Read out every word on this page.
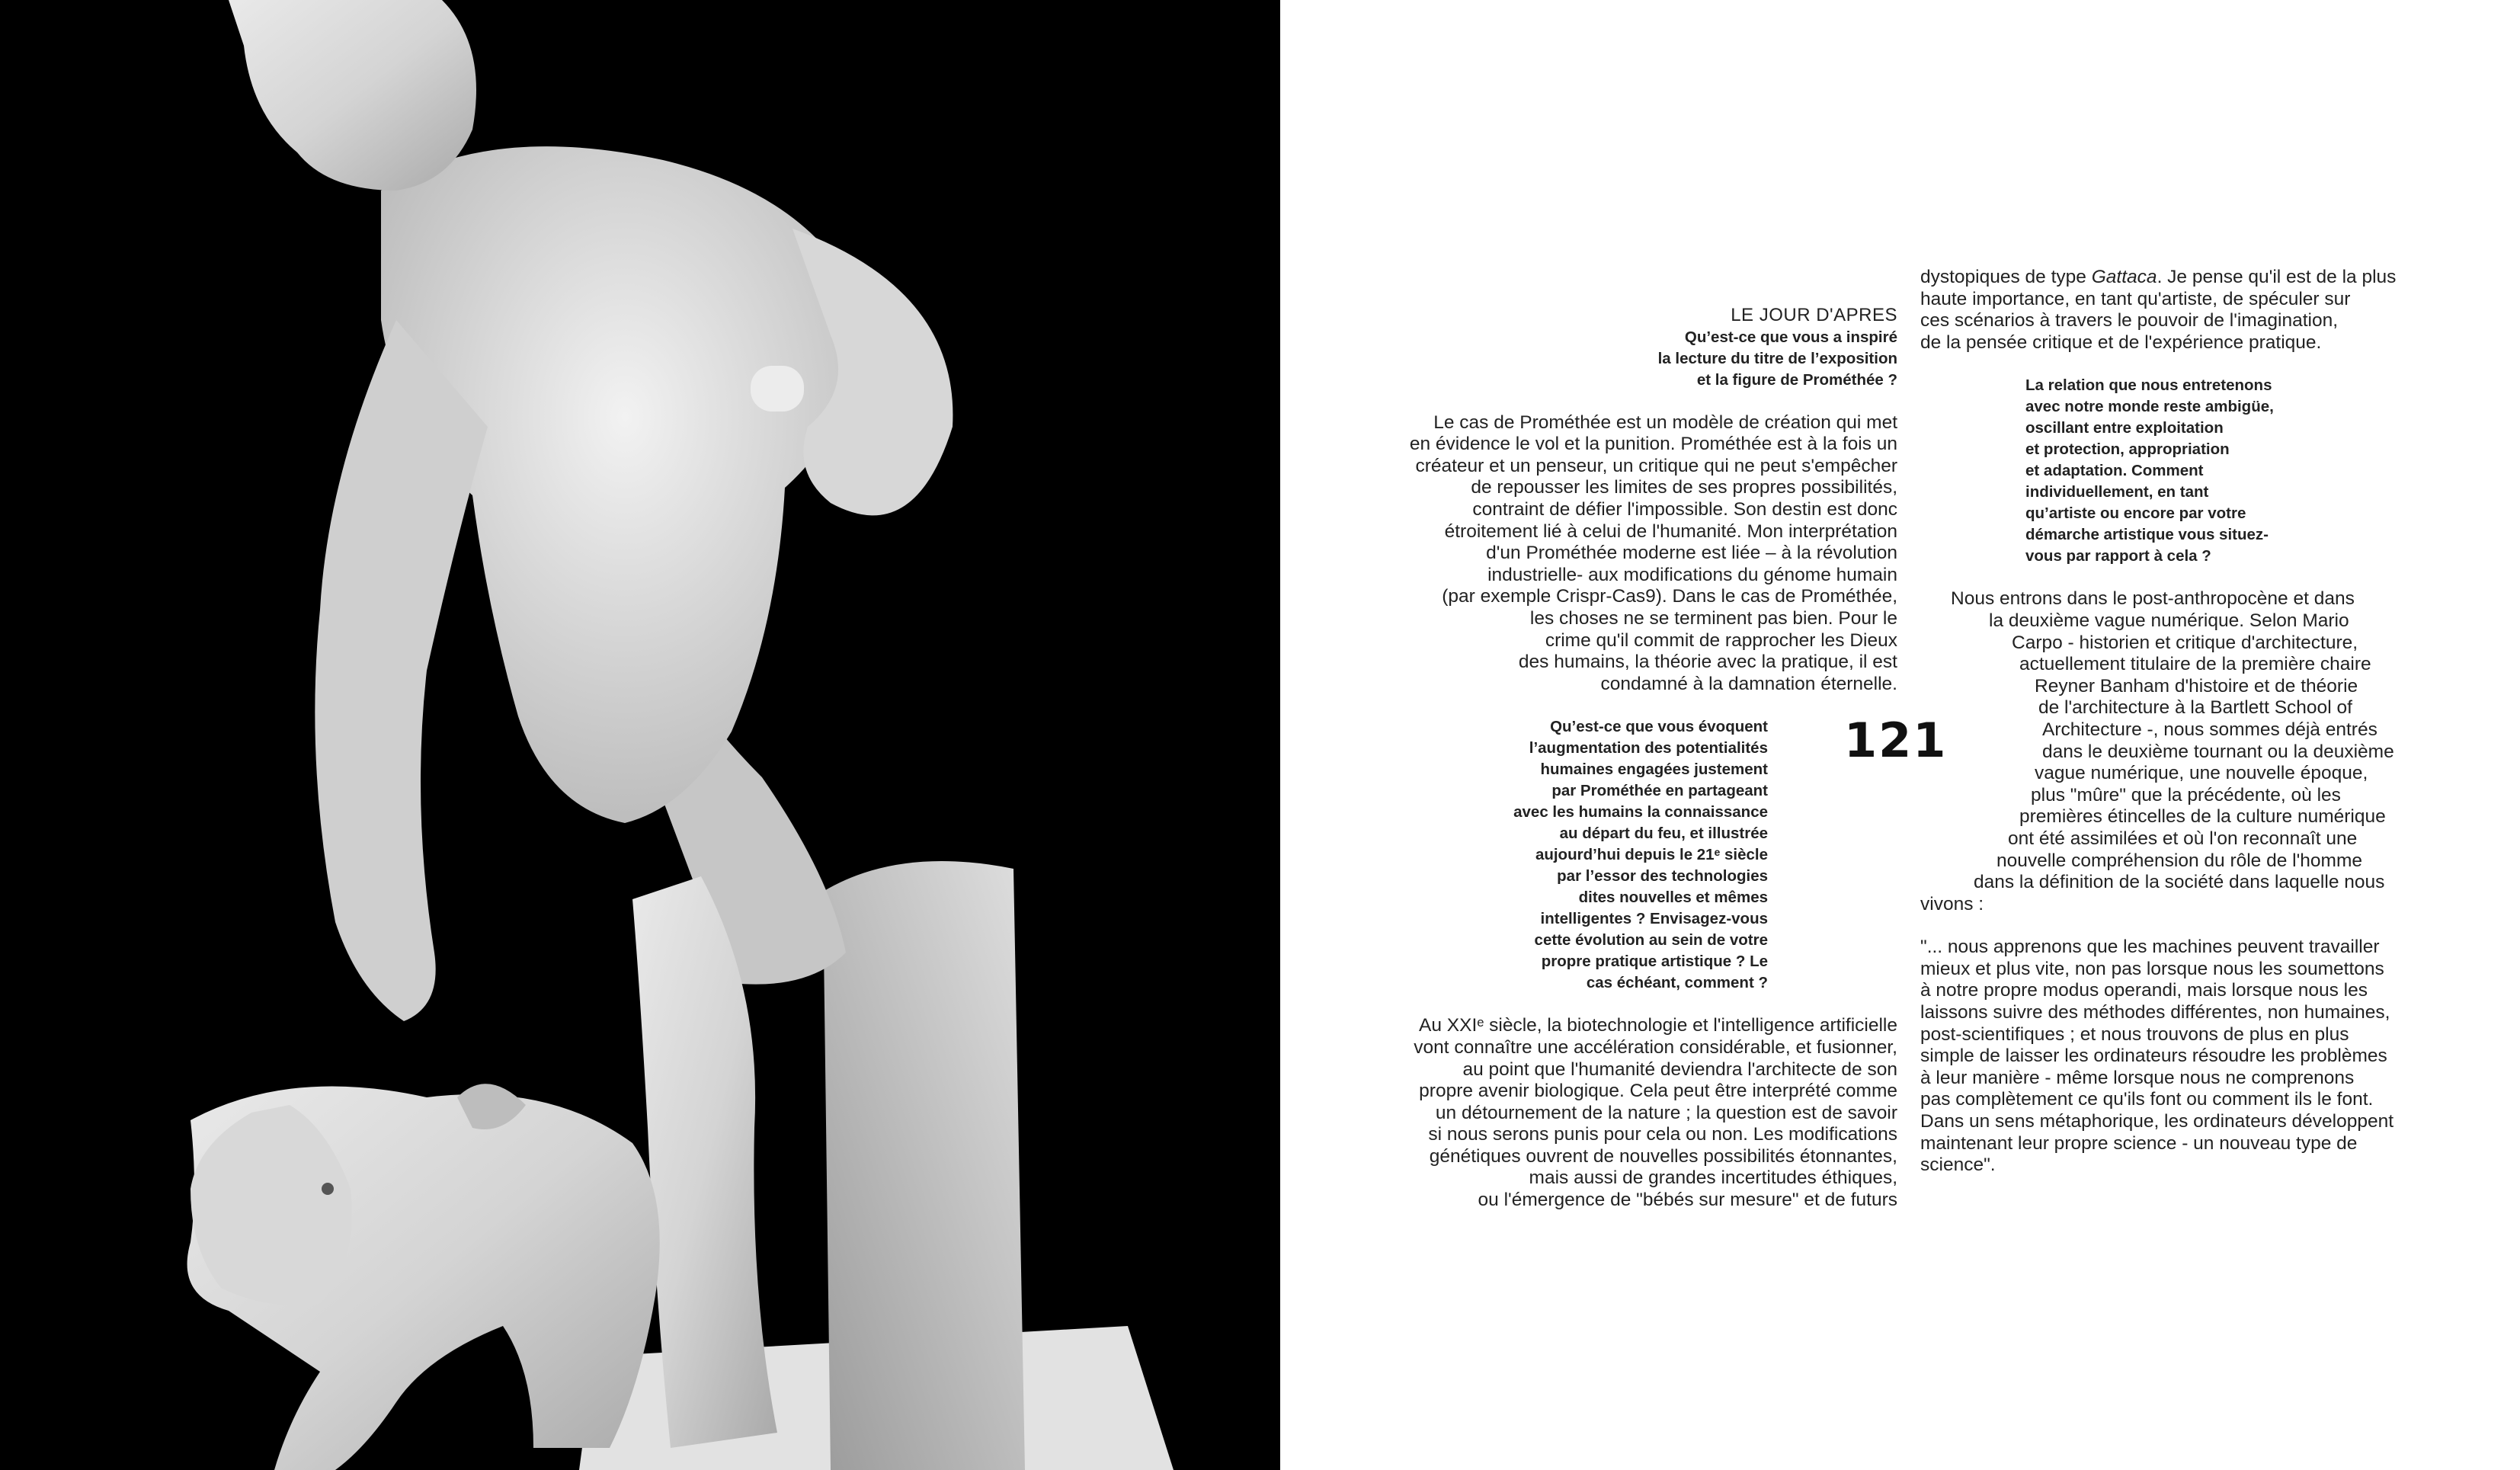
121
LE JOUR D'APRES
Qu’est-ce que vous a inspiré
la lecture du titre de l’exposition
et la figure de Prométhée ?
Le cas de Prométhée est un modèle de création qui met
en évidence le vol et la punition. Prométhée est à la fois un
créateur et un penseur, un critique qui ne peut s'empêcher
de repousser les limites de ses propres possibilités,
contraint de défier l'impossible. Son destin est donc
étroitement lié à celui de l'humanité. Mon interprétation
d'un Prométhée moderne est liée – à la révolution
industrielle- aux modifications du génome humain
(par exemple Crispr-Cas9). Dans le cas de Prométhée,
les choses ne se terminent pas bien. Pour le
crime qu'il commit de rapprocher les Dieux
des humains, la théorie avec la pratique, il est
condamné à la damnation éternelle.
Qu’est-ce que vous évoquent
l’augmentation des potentialités
humaines engagées justement
par Prométhée en partageant
avec les humains la connaissance
au départ du feu, et illustrée
aujourd’hui depuis le 21ᵉ siècle
par l’essor des technologies
dites nouvelles et mêmes
intelligentes ? Envisagez-vous
cette évolution au sein de votre
propre pratique artistique ? Le
cas échéant, comment ?
Au XXIᵉ siècle, la biotechnologie et l'intelligence artificielle
vont connaître une accélération considérable, et fusionner,
au point que l'humanité deviendra l'architecte de son
propre avenir biologique. Cela peut être interprété comme
un détournement de la nature ; la question est de savoir
si nous serons punis pour cela ou non. Les modifications
génétiques ouvrent de nouvelles possibilités étonnantes,
mais aussi de grandes incertitudes éthiques,
ou l'émergence de "bébés sur mesure" et de futurs
dystopiques de type Gattaca. Je pense qu'il est de la plus
haute importance, en tant qu'artiste, de spéculer sur
ces scénarios à travers le pouvoir de l'imagination,
de la pensée critique et de l'expérience pratique.
La relation que nous entretenons
avec notre monde reste ambigüe,
oscillant entre exploitation
et protection, appropriation
et adaptation. Comment
individuellement, en tant
qu’artiste ou encore par votre
démarche artistique vous situez-
vous par rapport à cela ?
Nous entrons dans le post-anthropocène et dans
la deuxième vague numérique. Selon Mario
Carpo - historien et critique d'architecture,
actuellement titulaire de la première chaire
Reyner Banham d'histoire et de théorie
de l'architecture à la Bartlett School of
Architecture -, nous sommes déjà entrés
dans le deuxième tournant ou la deuxième
vague numérique, une nouvelle époque,
plus "mûre" que la précédente, où les
premières étincelles de la culture numérique
ont été assimilées et où l'on reconnaît une
nouvelle compréhension du rôle de l'homme
dans la définition de la société dans laquelle nous
vivons :
"... nous apprenons que les machines peuvent travailler
mieux et plus vite, non pas lorsque nous les soumettons
à notre propre modus operandi, mais lorsque nous les
laissons suivre des méthodes différentes, non humaines,
post-scientifiques ; et nous trouvons de plus en plus
simple de laisser les ordinateurs résoudre les problèmes
à leur manière - même lorsque nous ne comprenons
pas complètement ce qu'ils font ou comment ils le font.
Dans un sens métaphorique, les ordinateurs développent
maintenant leur propre science - un nouveau type de
science".
